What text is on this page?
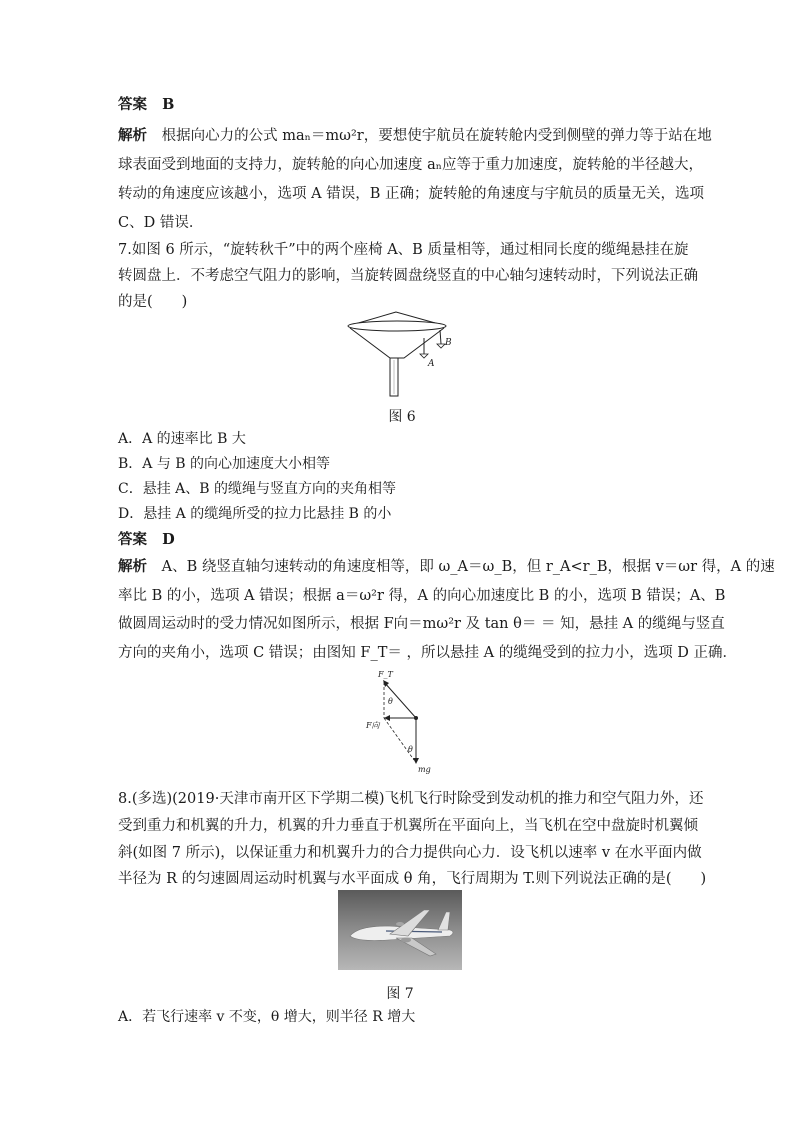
答案 B
解析 根据向心力的公式 maₙ＝mω²r，要想使宇航员在旋转舱内受到侧壁的弹力等于站在地
球表面受到地面的支持力，旋转舱的向心加速度 aₙ应等于重力加速度，旋转舱的半径越大，
转动的角速度应该越小，选项 A 错误，B 正确；旋转舱的角速度与宇航员的质量无关，选项
C、D 错误．
7.如图 6 所示，“旋转秋千”中的两个座椅 A、B 质量相等，通过相同长度的缆绳悬挂在旋
转圆盘上．不考虑空气阻力的影响，当旋转圆盘绕竖直的中心轴匀速转动时，下列说法正确
的是(　　)
A
B
图 6
A．A 的速率比 B 大
B．A 与 B 的向心加速度大小相等
C．悬挂 A、B 的缆绳与竖直方向的夹角相等
D．悬挂 A 的缆绳所受的拉力比悬挂 B 的小
答案 D
解析 A、B 绕竖直轴匀速转动的角速度相等，即 ω_A＝ω_B，但 r_A<r_B，根据 v＝ωr 得，A 的速
率比 B 的小，选项 A 错误；根据 a＝ω²r 得，A 的向心加速度比 B 的小，选项 B 错误；A、B
做圆周运动时的受力情况如图所示，根据 F向＝mω²r 及 tan θ＝ ＝ 知，悬挂 A 的缆绳与竖直
方向的夹角小，选项 C 错误；由图知 F_T＝ ，所以悬挂 A 的缆绳受到的拉力小，选项 D 正确．
F_T
θ
F向
θ
mg
8.(多选)(2019·天津市南开区下学期二模)飞机飞行时除受到发动机的推力和空气阻力外，还
受到重力和机翼的升力，机翼的升力垂直于机翼所在平面向上，当飞机在空中盘旋时机翼倾
斜(如图 7 所示)，以保证重力和机翼升力的合力提供向心力．设飞机以速率 v 在水平面内做
半径为 R 的匀速圆周运动时机翼与水平面成 θ 角，飞行周期为 T.则下列说法正确的是(　　)
图 7
A．若飞行速率 v 不变，θ 增大，则半径 R 增大
